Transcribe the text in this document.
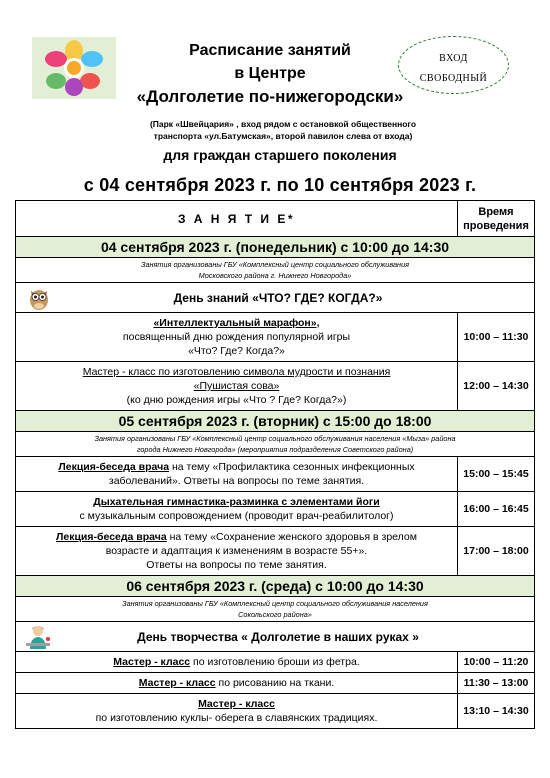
Расписание занятий
в Центре
«Долголетие по-нижегородски»
ВХОД
СВОБОДНЫЙ
(Парк «Швейцария» , вход рядом с остановкой общественного
транспорта «ул.Батумская», второй павилон слева от входа)
для граждан старшего поколения
с 04 сентября 2023 г. по 10 сентября 2023 г.
З А Н Я Т И Е*	Время
проведения

04 сентября 2023 г. (понедельник) с 10:00 до 14:30	

Занятия организованы ГБУ «Комплексный центр социального обслуживания
Московского района г. Нижнего Новгорода»	

День знаний «ЧТО? ГДЕ? КОГДА?»	

«Интеллектуальный марафон»,
посвященный дню рождения популярной игры
«Что? Где? Когда?»	10:00 – 11:30

Мастер - класс по изготовлению символа мудрости и познания
«Пушистая сова»
(ко дню рождения игры «Что ? Где? Когда?»)	12:00 – 14:30
05 сентября 2023 г. (вторник) с 15:00 до 18:00	

Занятия организованы ГБУ «Комплексный центр социального обслуживания населения «Мыза» района
города Нижнего Новгорода» (мероприятия подразделения Советского района)	

Лекция-беседа врача на тему «Профилактика сезонных инфекционных
заболеваний». Ответы на вопросы по теме занятия.	15:00 – 15:45

Дыхательная гимнастика-разминка с элементами йоги
с музыкальным сопровождением (проводит врач-реабилитолог)	16:00 – 16:45

Лекция-беседа врача на тему «Сохранение женского здоровья в зрелом
возрасте и адаптация к изменениям в возрасте 55+».
Ответы на вопросы по теме занятия.	17:00 – 18:00
06 сентября 2023 г. (среда) с 10:00 до 14:30	

Занятия организованы ГБУ «Комплексный центр социального обслуживания населения
Сокольского района»	

День творчества « Долголетие в наших руках »	

Мастер - класс по изготовлению броши из фетра.	10:00 – 11:20

Мастер - класс по рисованию на ткани.	11:30 – 13:00

Мастер - класс
по изготовлению куклы- оберега в славянских традициях.	13:10 – 14:30
